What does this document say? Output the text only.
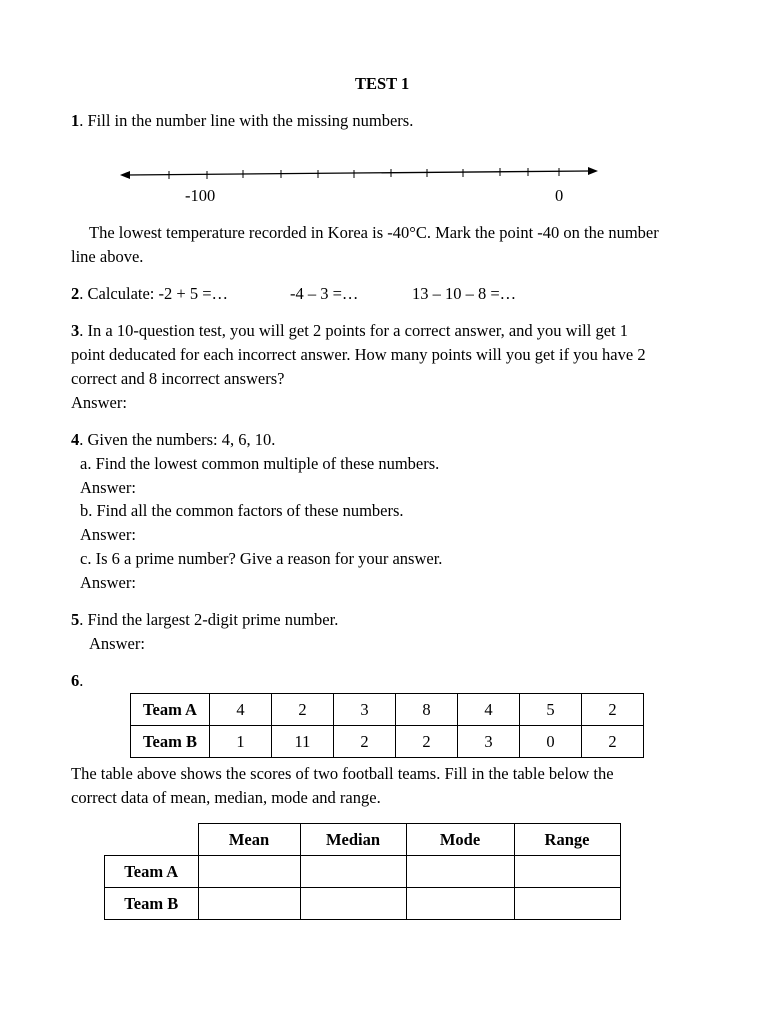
TEST 1
1. Fill in the number line with the missing numbers.
-100	0
The lowest temperature recorded in Korea is -40°C. Mark the point -40 on the number
line above.
2. Calculate: -2 + 5 =…	-4 – 3 =…	13 – 10 – 8 =…
3. In a 10-question test, you will get 2 points for a correct answer, and you will get 1
point deducated for each incorrect answer. How many points will you get if you have 2
correct and 8 incorrect answers?
Answer:
4. Given the numbers: 4, 6, 10.
a. Find the lowest common multiple of these numbers.
Answer:
b. Find all the common factors of these numbers.
Answer:
c. Is 6 a prime number? Give a reason for your answer.
Answer:
5. Find the largest 2-digit prime number.
Answer:
6.
Team A	4	2	3	8	4	5	2
Team B	1	11	2	2	3	0	2
The table above shows the scores of two football teams. Fill in the table below the
correct data of mean, median, mode and range.
	Mean	Median	Mode	Range
Team A				
Team B				
